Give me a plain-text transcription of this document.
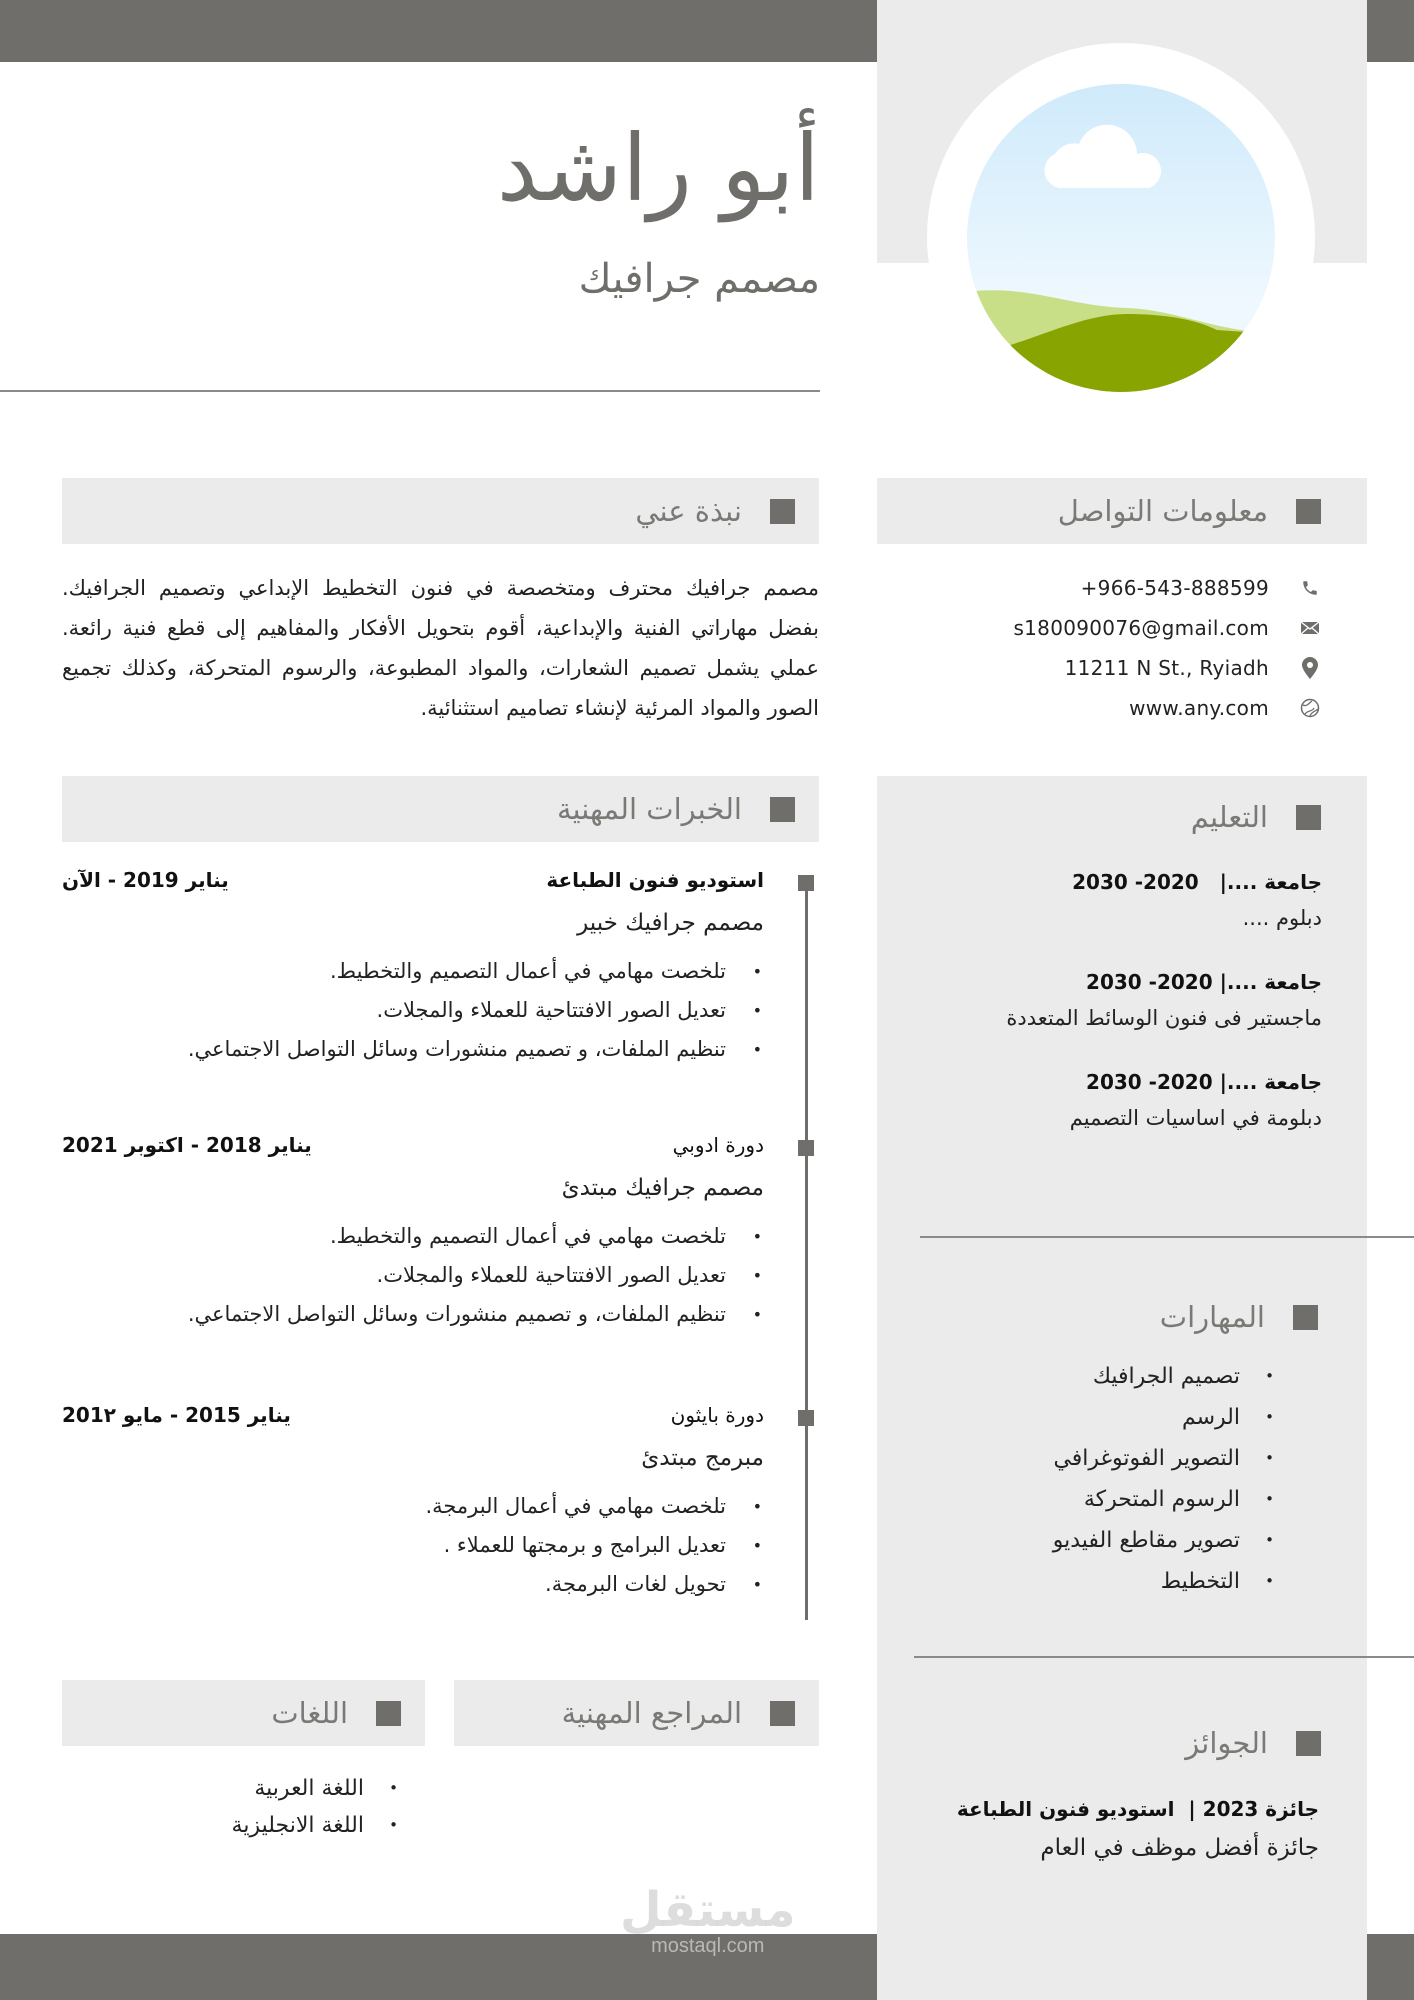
أبو راشد
مصمم جرافيك
نبذة عني

مصمم جرافيك محترف ومتخصصة في فنون التخطيط الإبداعي وتصميم الجرافيك. بفضل مهاراتي الفنية والإبداعية، أقوم بتحويل الأفكار والمفاهيم إلى قطع فنية رائعة. عملي يشمل تصميم الشعارات، والمواد المطبوعة، والرسوم المتحركة، وكذلك تجميع الصور والمواد المرئية لإنشاء تصاميم استثنائية.

الخبرات المهنية
استوديو فنون الطباعة
يناير 2019 - الآن
مصمم جرافيك خبير
• تلخصت مهامي في أعمال التصميم والتخطيط.
• تعديل الصور الافتتاحية للعملاء والمجلات.
• تنظيم الملفات، و تصميم منشورات وسائل التواصل الاجتماعي.
دورة ادوبي
يناير 2018 - اكتوبر 2021
مصمم جرافيك مبتدئ
• تلخصت مهامي في أعمال التصميم والتخطيط.
• تعديل الصور الافتتاحية للعملاء والمجلات.
• تنظيم الملفات، و تصميم منشورات وسائل التواصل الاجتماعي.
دورة بايثون
يناير 2015 - مايو 201٢
مبرمج مبتدئ
• تلخصت مهامي في أعمال البرمجة.
• تعديل البرامج و برمجتها للعملاء .
• تحويل لغات البرمجة.
المراجع المهنية
اللغات
• اللغة العربية
• اللغة الانجليزية
معلومات التواصل
+966-543-888599
s180090076@gmail.com
11211 N St., Ryiadh
www.any.com
التعليم
جامعة ....|   2020- 2030
دبلوم ....
جامعة ....| 2020- 2030
ماجستير فى فنون الوسائط المتعددة
جامعة ....| 2020- 2030
دبلومة في اساسيات التصميم
المهارات
• تصميم الجرافيك
• الرسم
• التصوير الفوتوغرافي
• الرسوم المتحركة
• تصوير مقاطع الفيديو
• التخطيط
الجوائز
جائزة 2023 |  استوديو فنون الطباعة
جائزة أفضل موظف في العام
مستقل
mostaql.com
